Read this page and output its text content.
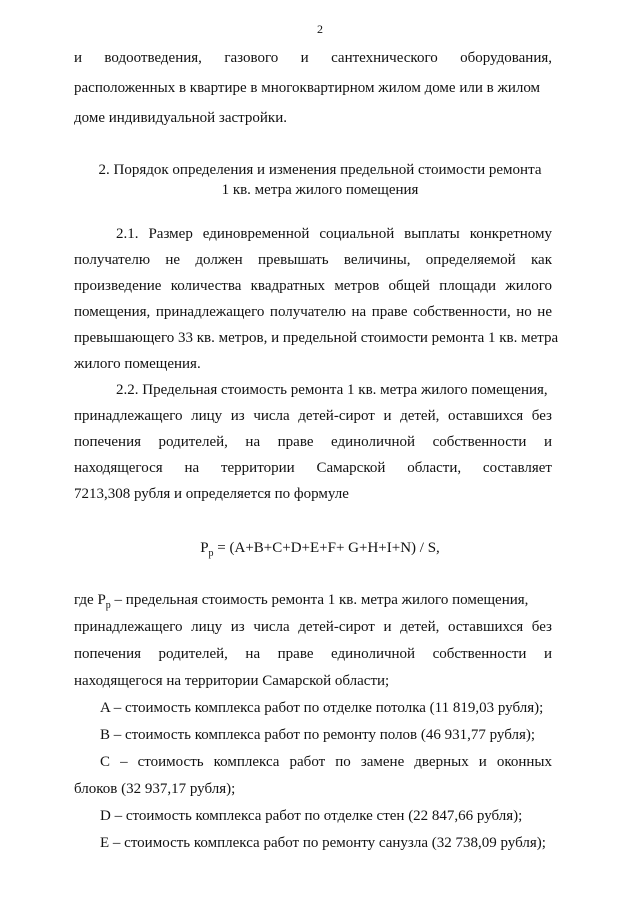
2
и водоотведения, газового и сантехнического оборудования,
расположенных в квартире в многоквартирном жилом доме или в жилом
доме индивидуальной застройки.
2. Порядок определения и изменения предельной стоимости ремонта
1 кв. метра жилого помещения
2.1. Размер единовременной социальной выплаты конкретному
получателю не должен превышать величины, определяемой как
произведение количества квадратных метров общей площади жилого
помещения, принадлежащего получателю на праве собственности, но не
превышающего 33 кв. метров, и предельной стоимости ремонта 1 кв. метра
жилого помещения.
2.2. Предельная стоимость ремонта 1 кв. метра жилого помещения,
принадлежащего лицу из числа детей-сирот и детей, оставшихся без
попечения родителей, на праве единоличной собственности и
находящегося на территории Самарской области, составляет
7213,308 рубля и определяется по формуле
$P_р = (A+B+C+D+E+F+ G+H+I+N) / S$,
где $P_р$ – предельная стоимость ремонта 1 кв. метра жилого помещения,
принадлежащего лицу из числа детей-сирот и детей, оставшихся без
попечения родителей, на праве единоличной собственности и
находящегося на территории Самарской области;
A – стоимость комплекса работ по отделке потолка (11 819,03 рубля);
B – стоимость комплекса работ по ремонту полов (46 931,77 рубля);
C – стоимость комплекса работ по замене дверных и оконных
блоков (32 937,17 рубля);
D – стоимость комплекса работ по отделке стен (22 847,66 рубля);
E – стоимость комплекса работ по ремонту санузла (32 738,09 рубля);
